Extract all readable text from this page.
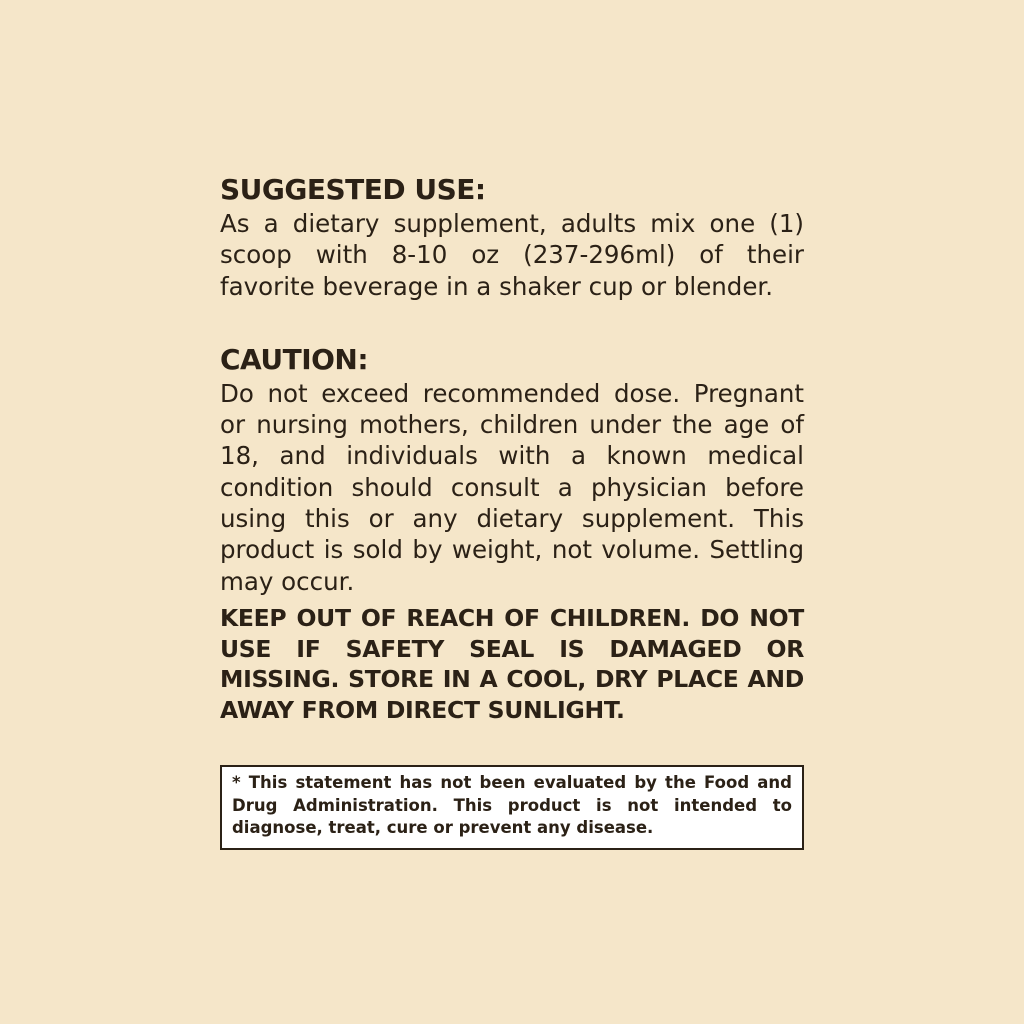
SUGGESTED USE:

As a dietary supplement, adults mix one (1) scoop with 8-10 oz (237-296ml) of their favorite beverage in a shaker cup or blender.

CAUTION:

Do not exceed recommended dose. Pregnant or nursing mothers, children under the age of 18, and individuals with a known medical condition should consult a physician before using this or any dietary supplement. This product is sold by weight, not volume. Settling may occur.

KEEP OUT OF REACH OF CHILDREN. DO NOT USE IF SAFETY SEAL IS DAMAGED OR MISSING. STORE IN A COOL, DRY PLACE AND AWAY FROM DIRECT SUNLIGHT.

* This statement has not been evaluated by the Food and Drug Administration. This product is not intended to diagnose, treat, cure or prevent any disease.
